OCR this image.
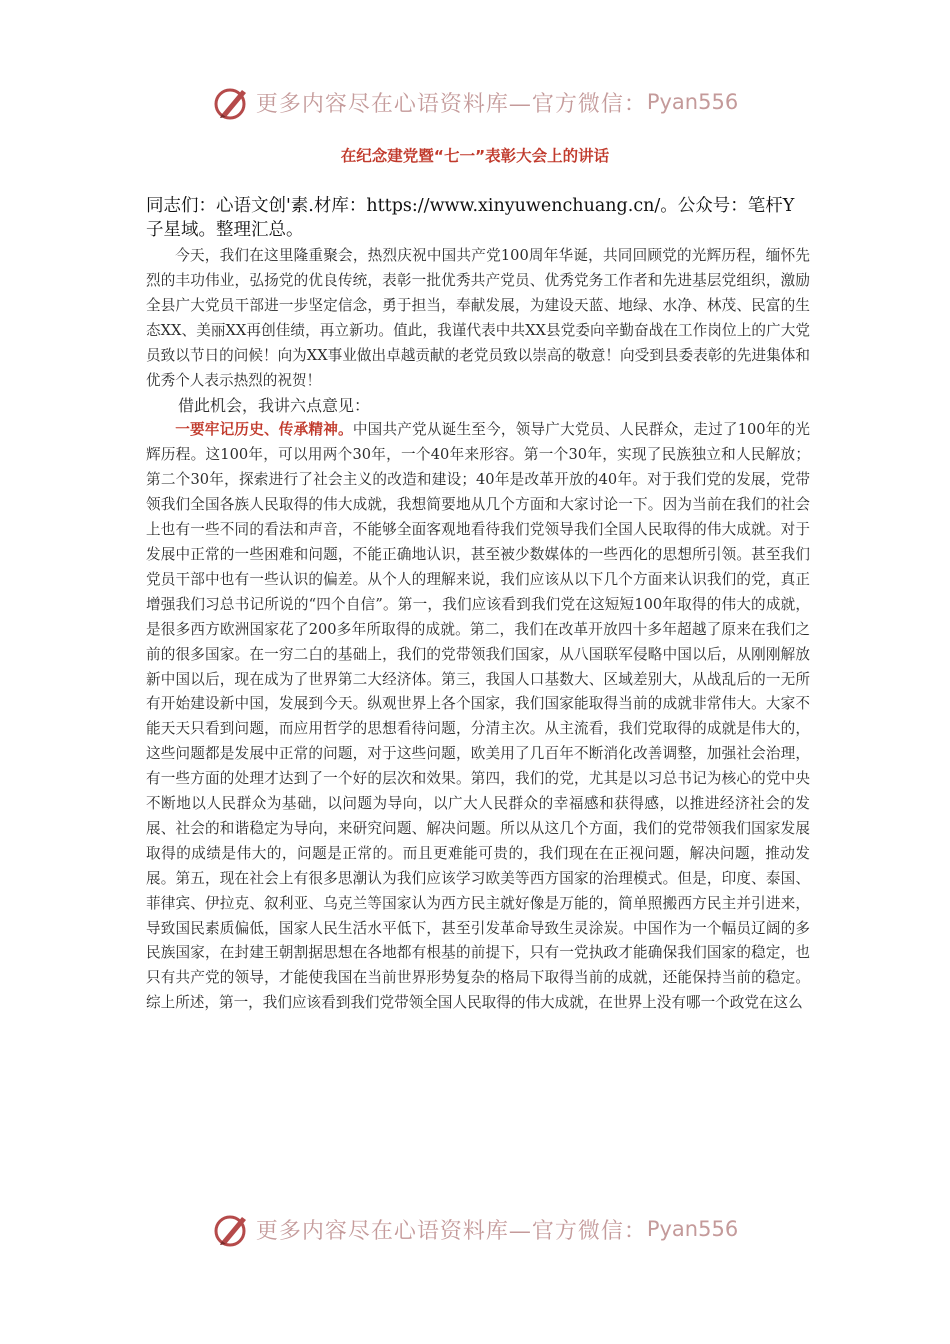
更多内容尽在心语资料库—官方微信： Pyan556
在纪念建党暨“七一”表彰大会上的讲话
同志们：心语文创'素.材库：https://www.xinyuwenchuang.cn/。公众号：笔杆Y子星域。整理汇总。

今天，我们在这里隆重聚会，热烈庆祝中国共产党100周年华诞，共同回顾党的光辉历程，缅怀先烈的丰功伟业，弘扬党的优良传统，表彰一批优秀共产党员、优秀党务工作者和先进基层党组织，激励全县广大党员干部进一步坚定信念，勇于担当，奉献发展，为建设天蓝、地绿、水净、林茂、民富的生态XX、美丽XX再创佳绩，再立新功。值此，我谨代表中共XX县党委向辛勤奋战在工作岗位上的广大党员致以节日的问候！向为XX事业做出卓越贡献的老党员致以崇高的敬意！向受到县委表彰的先进集体和优秀个人表示热烈的祝贺！

借此机会，我讲六点意见：

一要牢记历史、传承精神。中国共产党从诞生至今，领导广大党员、人民群众，走过了100年的光辉历程。这100年，可以用两个30年，一个40年来形容。第一个30年，实现了民族独立和人民解放；第二个30年，探索进行了社会主义的改造和建设；40年是改革开放的40年。对于我们党的发展，党带领我们全国各族人民取得的伟大成就，我想简要地从几个方面和大家讨论一下。因为当前在我们的社会上也有一些不同的看法和声音，不能够全面客观地看待我们党领导我们全国人民取得的伟大成就。对于发展中正常的一些困难和问题，不能正确地认识，甚至被少数媒体的一些西化的思想所引领。甚至我们党员干部中也有一些认识的偏差。从个人的理解来说，我们应该从以下几个方面来认识我们的党，真正增强我们习总书记所说的“四个自信”。第一，我们应该看到我们党在这短短100年取得的伟大的成就，是很多西方欧洲国家花了200多年所取得的成就。第二，我们在改革开放四十多年超越了原来在我们之前的很多国家。在一穷二白的基础上，我们的党带领我们国家，从八国联军侵略中国以后，从刚刚解放新中国以后，现在成为了世界第二大经济体。第三，我国人口基数大、区域差别大，从战乱后的一无所有开始建设新中国，发展到今天。纵观世界上各个国家，我们国家能取得当前的成就非常伟大。大家不能天天只看到问题，而应用哲学的思想看待问题，分清主次。从主流看，我们党取得的成就是伟大的，这些问题都是发展中正常的问题，对于这些问题，欧美用了几百年不断消化改善调整，加强社会治理，有一些方面的处理才达到了一个好的层次和效果。第四，我们的党，尤其是以习总书记为核心的党中央不断地以人民群众为基础，以问题为导向，以广大人民群众的幸福感和获得感，以推进经济社会的发展、社会的和谐稳定为导向，来研究问题、解决问题。所以从这几个方面，我们的党带领我们国家发展取得的成绩是伟大的，问题是正常的。而且更难能可贵的，我们现在在正视问题，解决问题，推动发展。第五，现在社会上有很多思潮认为我们应该学习欧美等西方国家的治理模式。但是，印度、泰国、菲律宾、伊拉克、叙利亚、乌克兰等国家认为西方民主就好像是万能的，简单照搬西方民主并引进来，导致国民素质偏低，国家人民生活水平低下，甚至引发革命导致生灵涂炭。中国作为一个幅员辽阔的多民族国家，在封建王朝割据思想在各地都有根基的前提下，只有一党执政才能确保我们国家的稳定，也只有共产党的领导，才能使我国在当前世界形势复杂的格局下取得当前的成就，还能保持当前的稳定。综上所述，第一，我们应该看到我们党带领全国人民取得的伟大成就，在世界上没有哪一个政党在这么

更多内容尽在心语资料库—官方微信： Pyan556
